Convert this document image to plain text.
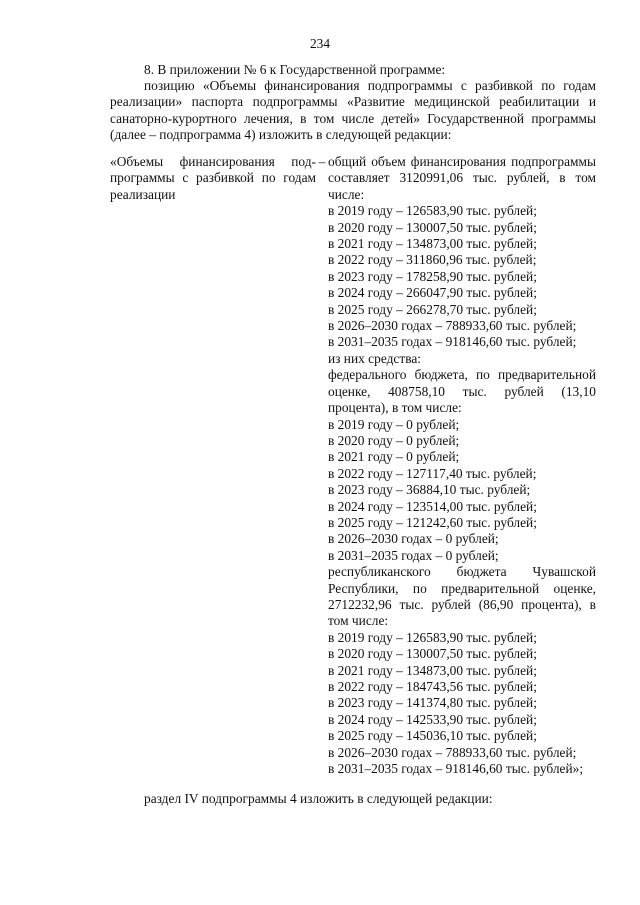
234
8. В приложении № 6 к Государственной программе:
позицию «Объемы финансирования подпрограммы с разбивкой по годам реализации» паспорта подпрограммы «Развитие медицинской реабилитации и санаторно-курортного лечения, в том числе детей» Государственной программы (далее – подпрограмма 4) изложить в следующей редакции:
«Объемы финансирования под-программы с разбивкой по годам реализации
– общий объем финансирования подпрограммы составляет 3120991,06 тыс. рублей, в том числе:
в 2019 году – 126583,90 тыс. рублей;
в 2020 году – 130007,50 тыс. рублей;
в 2021 году – 134873,00 тыс. рублей;
в 2022 году – 311860,96 тыс. рублей;
в 2023 году – 178258,90 тыс. рублей;
в 2024 году – 266047,90 тыс. рублей;
в 2025 году – 266278,70 тыс. рублей;
в 2026–2030 годах – 788933,60 тыс. рублей;
в 2031–2035 годах – 918146,60 тыс. рублей;
из них средства:
федерального бюджета, по предварительной оценке, 408758,10 тыс. рублей (13,10 процента), в том числе:
в 2019 году – 0 рублей;
в 2020 году – 0 рублей;
в 2021 году – 0 рублей;
в 2022 году – 127117,40 тыс. рублей;
в 2023 году – 36884,10 тыс. рублей;
в 2024 году – 123514,00 тыс. рублей;
в 2025 году – 121242,60 тыс. рублей;
в 2026–2030 годах – 0 рублей;
в 2031–2035 годах – 0 рублей;
республиканского бюджета Чувашской Республики, по предварительной оценке, 2712232,96 тыс. рублей (86,90 процента), в том числе:
в 2019 году – 126583,90 тыс. рублей;
в 2020 году – 130007,50 тыс. рублей;
в 2021 году – 134873,00 тыс. рублей;
в 2022 году – 184743,56 тыс. рублей;
в 2023 году – 141374,80 тыс. рублей;
в 2024 году – 142533,90 тыс. рублей;
в 2025 году – 145036,10 тыс. рублей;
в 2026–2030 годах – 788933,60 тыс. рублей;
в 2031–2035 годах – 918146,60 тыс. рублей»;
раздел IV подпрограммы 4 изложить в следующей редакции:
